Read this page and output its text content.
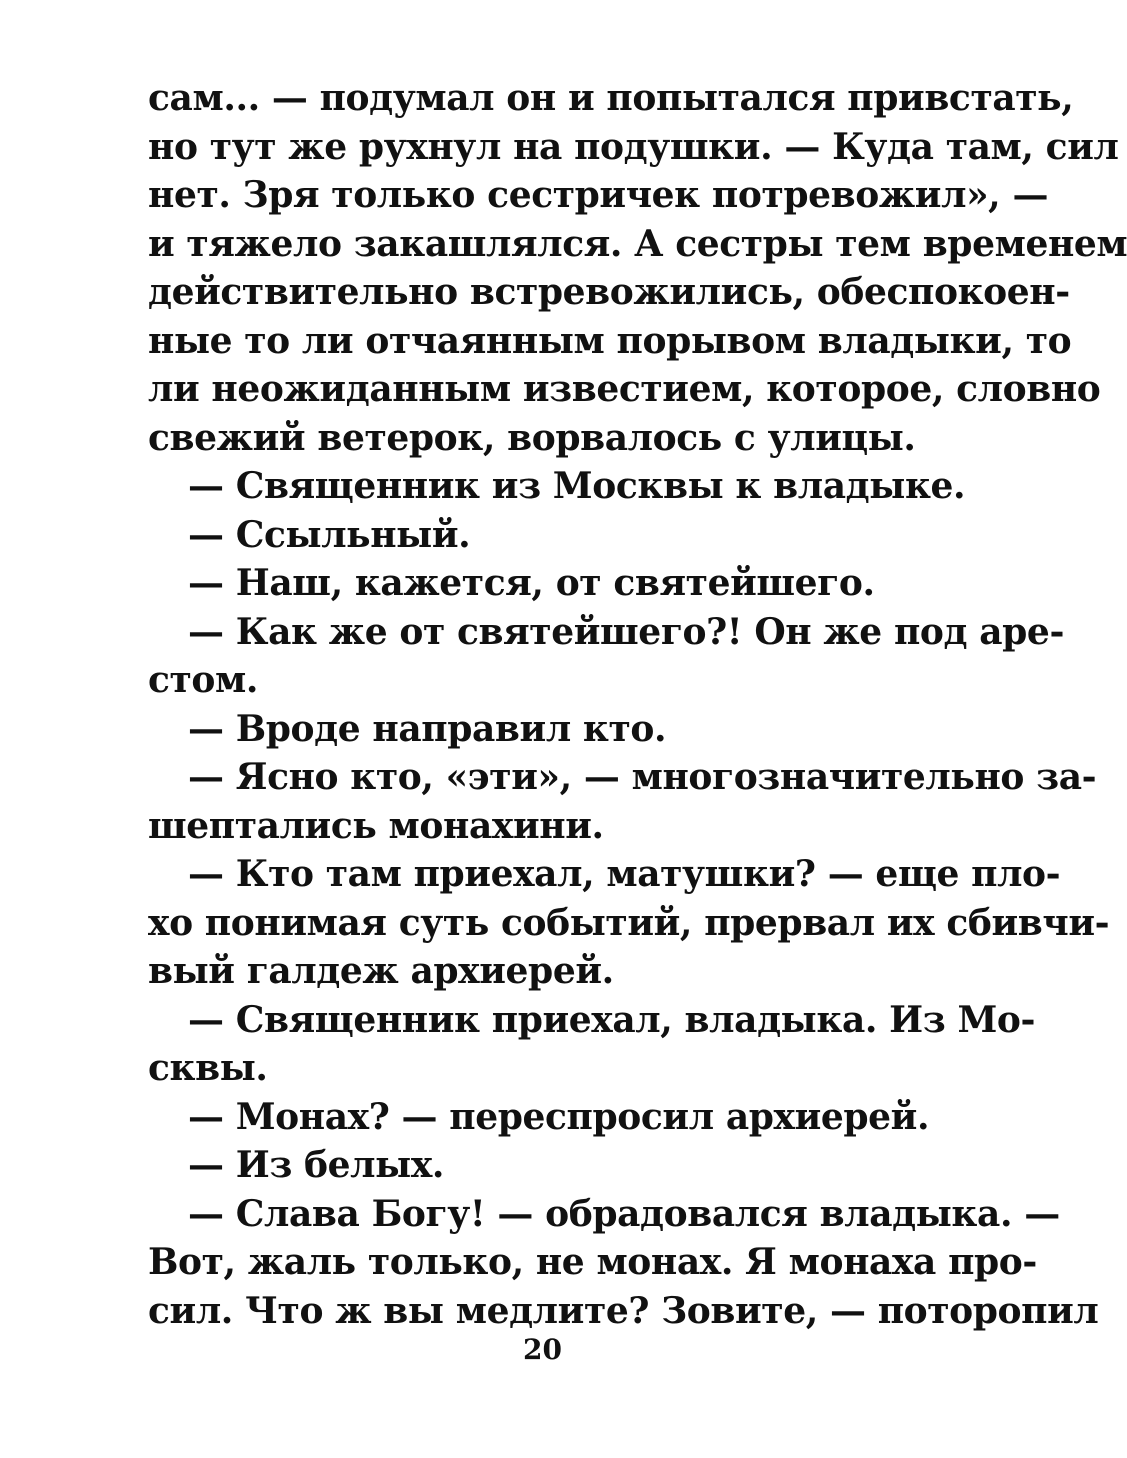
сам... — подумал он и попытался привстать,
но тут же рухнул на подушки. — Куда там, сил
нет. Зря только сестричек потревожил», —
и тяжело закашлялся. А сестры тем временем
действительно встревожились, обеспокоен-
ные то ли отчаянным порывом владыки, то
ли неожиданным известием, которое, словно
свежий ветерок, ворвалось с улицы.
— Священник из Москвы к владыке.
— Ссыльный.
— Наш, кажется, от святейшего.
— Как же от святейшего?! Он же под аре-
стом.
— Вроде направил кто.
— Ясно кто, «эти», — многозначительно за-
шептались монахини.
— Кто там приехал, матушки? — еще пло-
хо понимая суть событий, прервал их сбивчи-
вый галдеж архиерей.
— Священник приехал, владыка. Из Мо-
сквы.
— Монах? — переспросил архиерей.
— Из белых.
— Слава Богу! — обрадовался владыка. —
Вот, жаль только, не монах. Я монаха про-
сил. Что ж вы медлите? Зовите, — поторопил
20
